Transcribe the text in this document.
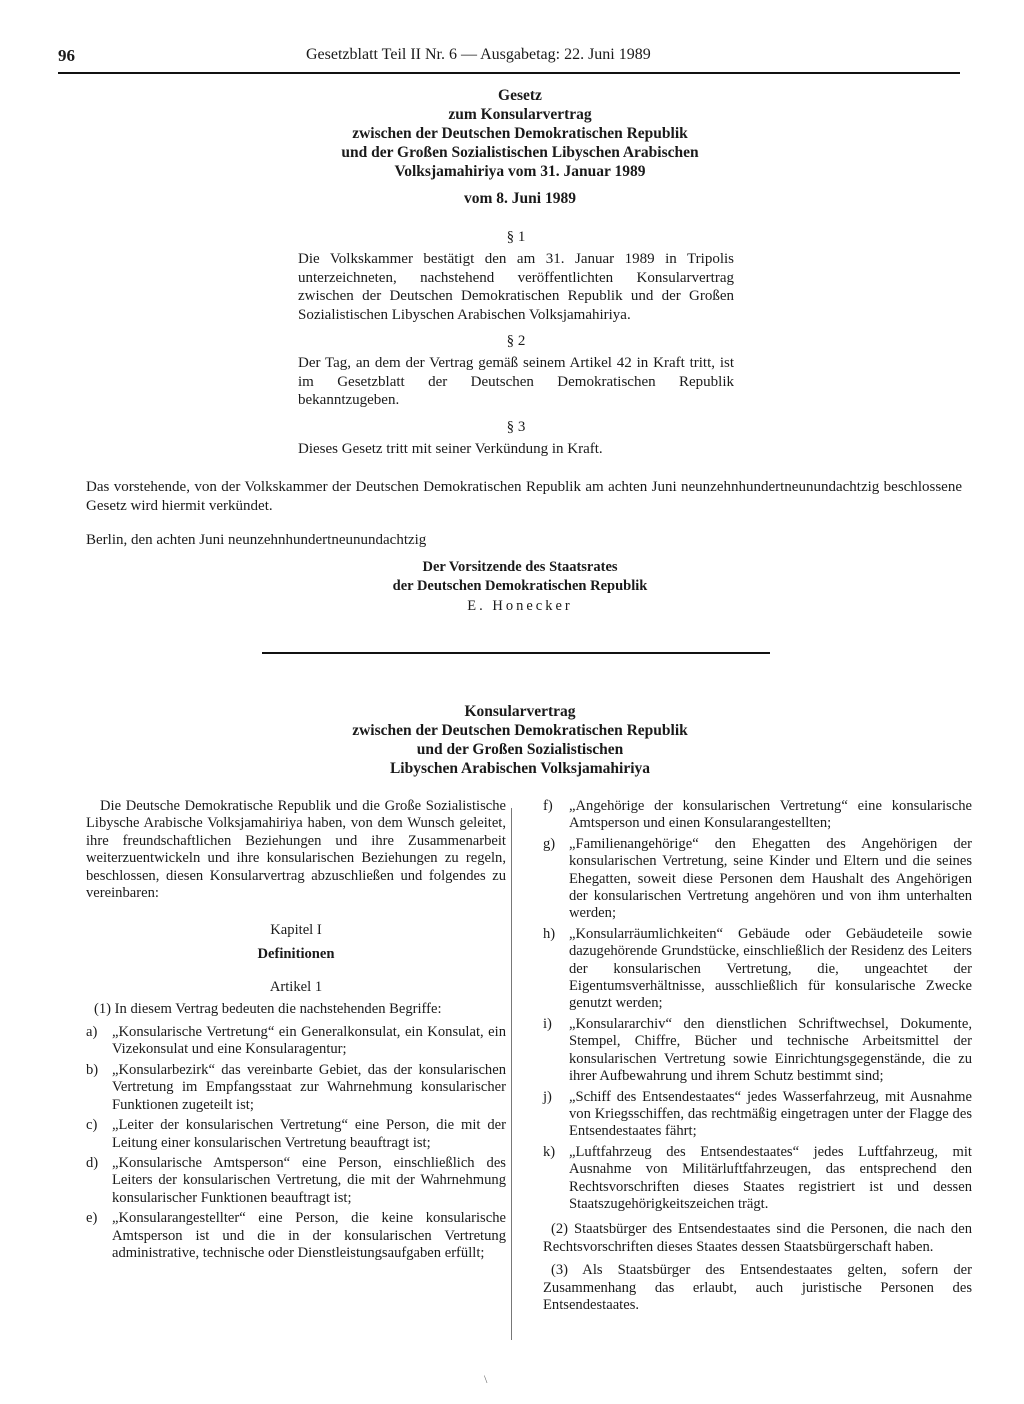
96	Gesetzblatt Teil II Nr. 6 — Ausgabetag: 22. Juni 1989
Gesetz
zum Konsularvertrag
zwischen der Deutschen Demokratischen Republik
und der Großen Sozialistischen Libyschen Arabischen
Volksjamahiriya vom 31. Januar 1989
vom 8. Juni 1989
§ 1

Die Volkskammer bestätigt den am 31. Januar 1989 in Tripolis unterzeichneten, nachstehend veröffentlichten Konsularvertrag zwischen der Deutschen Demokratischen Republik und der Großen Sozialistischen Libyschen Arabischen Volksjamahiriya.

§ 2

Der Tag, an dem der Vertrag gemäß seinem Artikel 42 in Kraft tritt, ist im Gesetzblatt der Deutschen Demokratischen Republik bekanntzugeben.

§ 3

Dieses Gesetz tritt mit seiner Verkündung in Kraft.

Das vorstehende, von der Volkskammer der Deutschen Demokratischen Republik am achten Juni neunzehnhundertneunundachtzig beschlossene Gesetz wird hiermit verkündet.

Berlin, den achten Juni neunzehnhundertneunundachtzig

Der Vorsitzende des Staatsrates
der Deutschen Demokratischen Republik
E. Honecker
Konsularvertrag
zwischen der Deutschen Demokratischen Republik
und der Großen Sozialistischen
Libyschen Arabischen Volksjamahiriya

Die Deutsche Demokratische Republik und die Große Sozialistische Libysche Arabische Volksjamahiriya haben, von dem Wunsch geleitet, ihre freundschaftlichen Beziehungen und ihre Zusammenarbeit weiterzuentwickeln und ihre konsularischen Beziehungen zu regeln, beschlossen, diesen Konsularvertrag abzuschließen und folgendes zu vereinbaren:

Kapitel I
Definitionen
Artikel 1

(1) In diesem Vertrag bedeuten die nachstehenden Begriffe:

a)	„Konsularische Vertretung“ ein Generalkonsulat, ein Konsulat, ein Vizekonsulat und eine Konsularagentur;
b) „Konsularbezirk“ das vereinbarte Gebiet, das der konsularischen Vertretung im Empfangsstaat zur Wahrnehmung konsularischer Funktionen zugeteilt ist;
c)	„Leiter der konsularischen Vertretung“ eine Person, die mit der Leitung einer konsularischen Vertretung beauftragt ist;
d) „Konsularische Amtsperson“ eine Person, einschließlich des Leiters der konsularischen Vertretung, die mit der Wahrnehmung konsularischer Funktionen beauftragt ist;
e)	„Konsularangestellter“ eine Person, die keine konsularische Amtsperson ist und die in der konsularischen Vertretung administrative, technische oder Dienstleistungsaufgaben erfüllt;
f)	„Angehörige der konsularischen Vertretung“ eine konsularische Amtsperson und einen Konsularangestellten;
g) „Familienangehörige“ den Ehegatten des Angehörigen der konsularischen Vertretung, seine Kinder und Eltern und die seines Ehegatten, soweit diese Personen dem Haushalt des Angehörigen der konsularischen Vertretung angehören und von ihm unterhalten werden;
h) „Konsularräumlichkeiten“ Gebäude oder Gebäudeteile sowie dazugehörende Grundstücke, einschließlich der Residenz des Leiters der konsularischen Vertretung, die, ungeachtet der Eigentumsverhältnisse, ausschließlich für konsularische Zwecke genutzt werden;
i)	„Konsulararchiv“ den dienstlichen Schriftwechsel, Dokumente, Stempel, Chiffre, Bücher und technische Arbeitsmittel der konsularischen Vertretung sowie Einrichtungsgegenstände, die zu ihrer Aufbewahrung und ihrem Schutz bestimmt sind;
j)	„Schiff des Entsendestaates“ jedes Wasserfahrzeug, mit Ausnahme von Kriegsschiffen, das rechtmäßig eingetragen unter der Flagge des Entsendestaates fährt;
k) „Luftfahrzeug des Entsendestaates“ jedes Luftfahrzeug, mit Ausnahme von Militärluftfahrzeugen, das entsprechend den Rechtsvorschriften dieses Staates registriert ist und dessen Staatszugehörigkeitszeichen trägt.

(2) Staatsbürger des Entsendestaates sind die Personen, die nach den Rechtsvorschriften dieses Staates dessen Staatsbürgerschaft haben.

(3) Als Staatsbürger des Entsendestaates gelten, sofern der Zusammenhang das erlaubt, auch juristische Personen des Entsendestaates.

\
